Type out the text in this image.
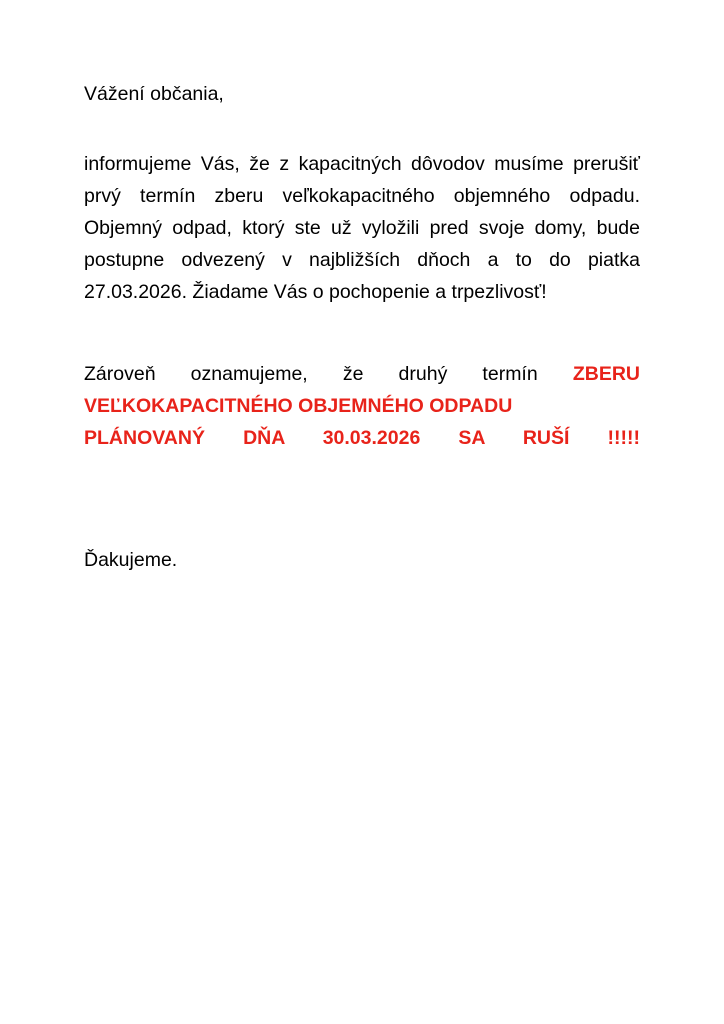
Vážení občania,

informujeme Vás, že z kapacitných dôvodov musíme prerušiť prvý termín zberu veľkokapacitného objemného odpadu. Objemný odpad, ktorý ste už vyložili pred svoje domy, bude postupne odvezený v najbližších dňoch a to do piatka 27.03.2026. Žiadame Vás o pochopenie a trpezlivosť!

Zároveň oznamujeme, že druhý termín ZBERU VEĽKOKAPACITNÉHO OBJEMNÉHO ODPADU

PLÁNOVANÝ DŇA 30.03.2026 SA RUŠÍ !!!!!

Ďakujeme.
